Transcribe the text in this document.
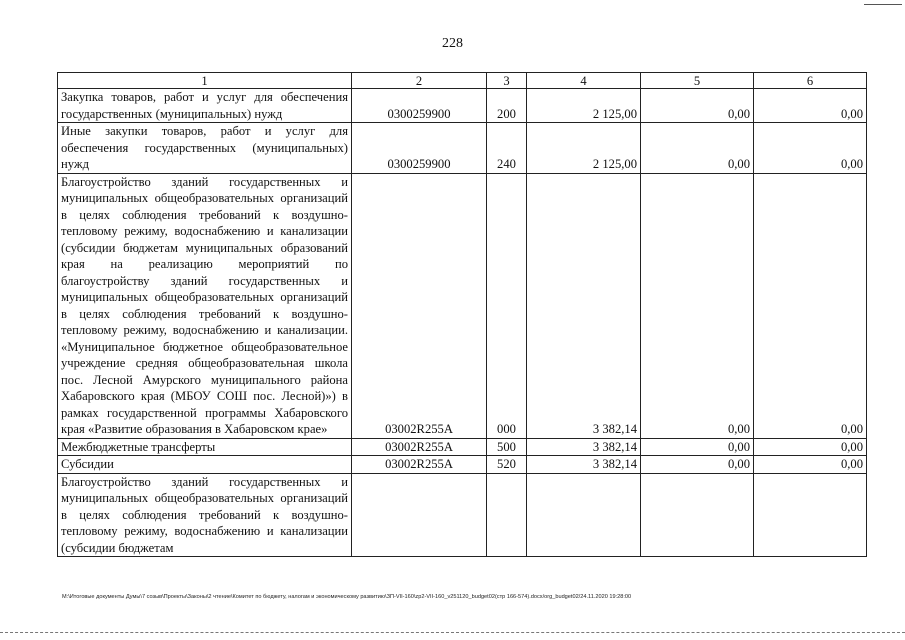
228
1	2	3	4	5	6
Закупка товаров, работ и услуг для обеспечения государственных (муниципальных) нужд	0300259900	200	2 125,00	0,00	0,00
Иные закупки товаров, работ и услуг для обеспечения государственных (муниципальных) нужд	0300259900	240	2 125,00	0,00	0,00
Благоустройство зданий государственных и муниципальных общеобразовательных организаций в целях соблюдения требований к воздушно-тепловому режиму, водоснабжению и канализации (субсидии бюджетам муниципальных образований края на реализацию мероприятий по благоустройству зданий государственных и муниципальных общеобразовательных организаций в целях соблюдения требований к воздушно-тепловому режиму, водоснабжению и канализации. «Муниципальное бюджетное общеобразовательное учреждение средняя общеобразовательная школа пос. Лесной Амурского муниципального района Хабаровского края (МБОУ СОШ пос. Лесной)») в рамках государственной программы Хабаровского края «Развитие образования в Хабаровском крае»	03002R255A	000	3 382,14	0,00	0,00
Межбюджетные трансферты	03002R255A	500	3 382,14	0,00	0,00
Субсидии	03002R255A	520	3 382,14	0,00	0,00
Благоустройство зданий государственных и муниципальных общеобразовательных организаций в целях соблюдения требований к воздушно-тепловому режиму, водоснабжению и канализации (субсидии бюджетам					
M:\Итоговые документы Думы\7 созыв\Проекты\Законы\2 чтение\Комитет по бюджету, налогам и экономическому развитию\ЗП-VII-160\zp2-VII-160_v251120_budget02(стр 166-574).docx/org_budget02/24.11.2020 19:28:00
